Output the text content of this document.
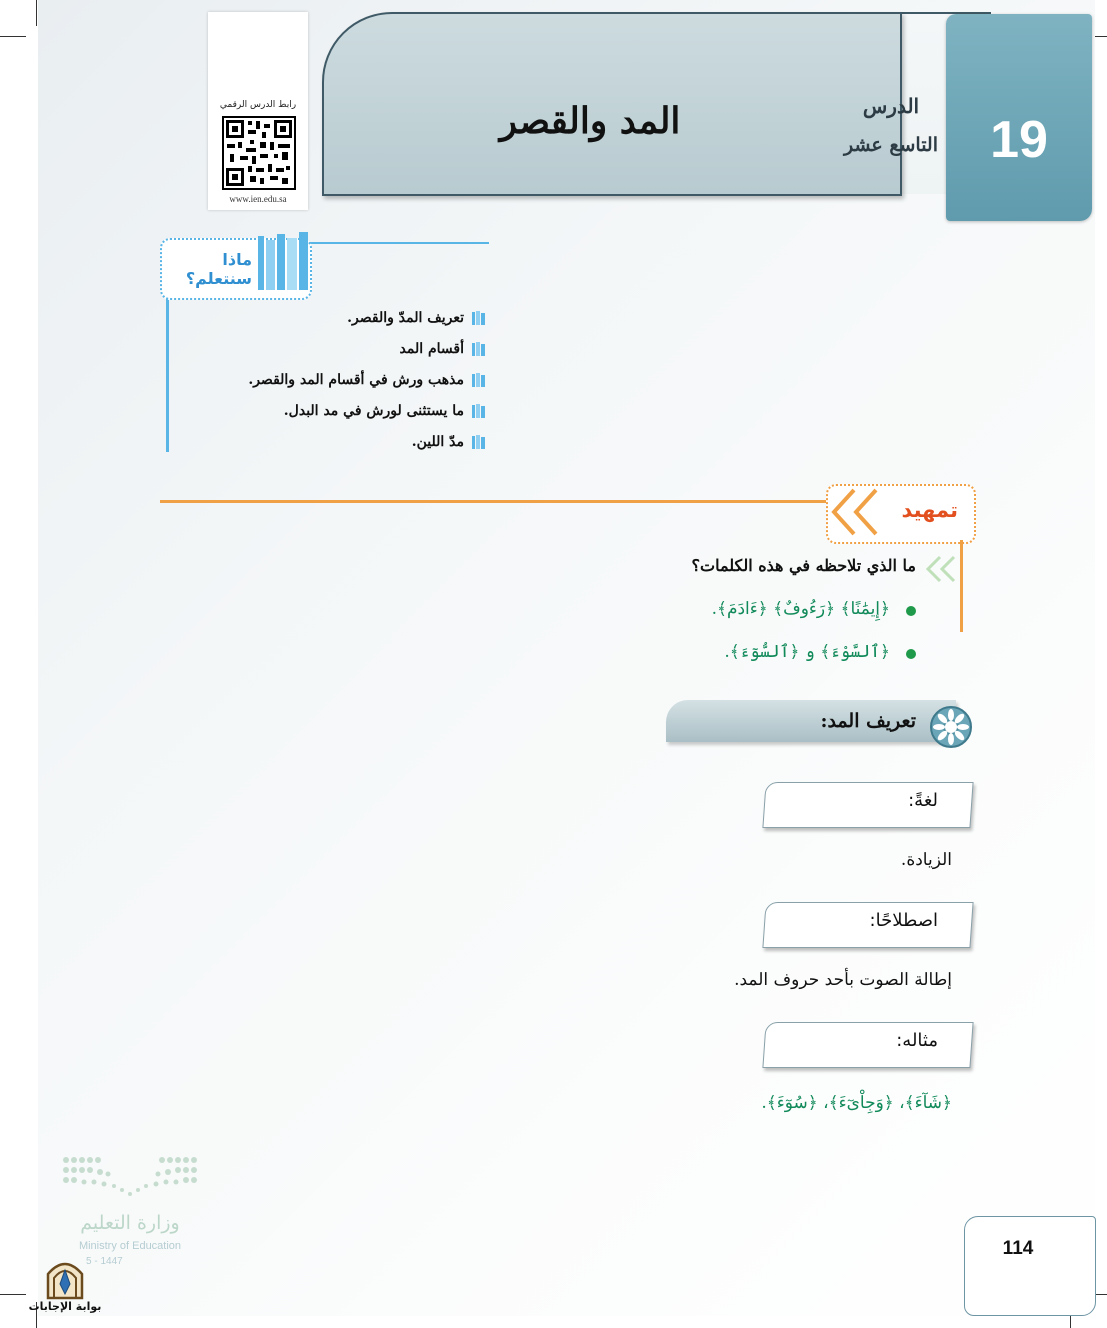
المد والقصر	19
الدرس
التاسع عشر
رابط الدرس الرقمي
www.ien.edu.sa
ماذا
سنتعلم؟
تعريف المدّ والقصر.
أقسام المد
مذهب ورش في أقسام المد والقصر.
ما يستثنى لورش في مد البدل.
مدّ اللين.
تمهيد
ما الذي تلاحظه في هذه الكلمات؟
﴿إِيمَٰنًا﴾ ﴿رَءُوفٌ﴾ ﴿ءَادَمَ﴾.
﴿ٱلسَّوْءَ﴾ و ﴿ٱلسُّوٓءَ﴾.
تعريف المد:
لغةً:
الزيادة.
اصطلاحًا:
إطالة الصوت بأحد حروف المد.
مثاله:
﴿شَآءَ﴾، ﴿وَجِاْىٓءَ﴾، ﴿سُوٓءَ﴾.
وزارة التعليم
Ministry of Education
5 - 1447
114
بوابة الإجابات
